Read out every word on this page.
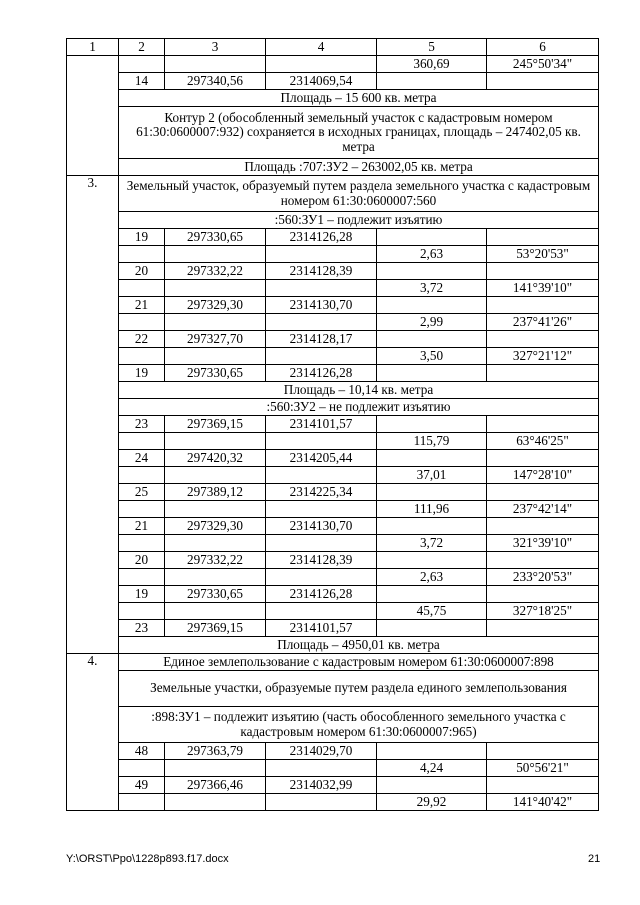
1	2	3	4	5	6
				360,69	245°50'34"
	14	297340,56	2314069,54		
	Площадь – 15 600 кв. метра				
	Контур 2 (обособленный земельный участок с кадастровым номером 61:30:0600007:932) сохраняется в исходных границах, площадь – 247402,05 кв. метра				
	Площадь :707:ЗУ2 – 263002,05 кв. метра				
3.	Земельный участок, образуемый путем раздела земельного участка с кадастровым номером 61:30:0600007:560				
	:560:ЗУ1 – подлежит изъятию				
	19	297330,65	2314126,28		
				2,63	53°20'53"
	20	297332,22	2314128,39		
				3,72	141°39'10"
	21	297329,30	2314130,70		
				2,99	237°41'26"
	22	297327,70	2314128,17		
				3,50	327°21'12"
	19	297330,65	2314126,28		
	Площадь – 10,14 кв. метра				
	:560:ЗУ2 – не подлежит изъятию				
	23	297369,15	2314101,57		
				115,79	63°46'25"
	24	297420,32	2314205,44		
				37,01	147°28'10"
	25	297389,12	2314225,34		
				111,96	237°42'14"
	21	297329,30	2314130,70		
				3,72	321°39'10"
	20	297332,22	2314128,39		
				2,63	233°20'53"
	19	297330,65	2314126,28		
				45,75	327°18'25"
	23	297369,15	2314101,57		
	Площадь – 4950,01 кв. метра				
4.	Единое землепользование с кадастровым номером 61:30:0600007:898				
	Земельные участки, образуемые путем раздела единого землепользования				
	:898:ЗУ1 – подлежит изъятию (часть обособленного земельного участка с кадастровым номером 61:30:0600007:965)				
	48	297363,79	2314029,70		
				4,24	50°56'21"
	49	297366,46	2314032,99		
				29,92	141°40'42"
Y:\ORST\Ppo\1228p893.f17.docx	21
